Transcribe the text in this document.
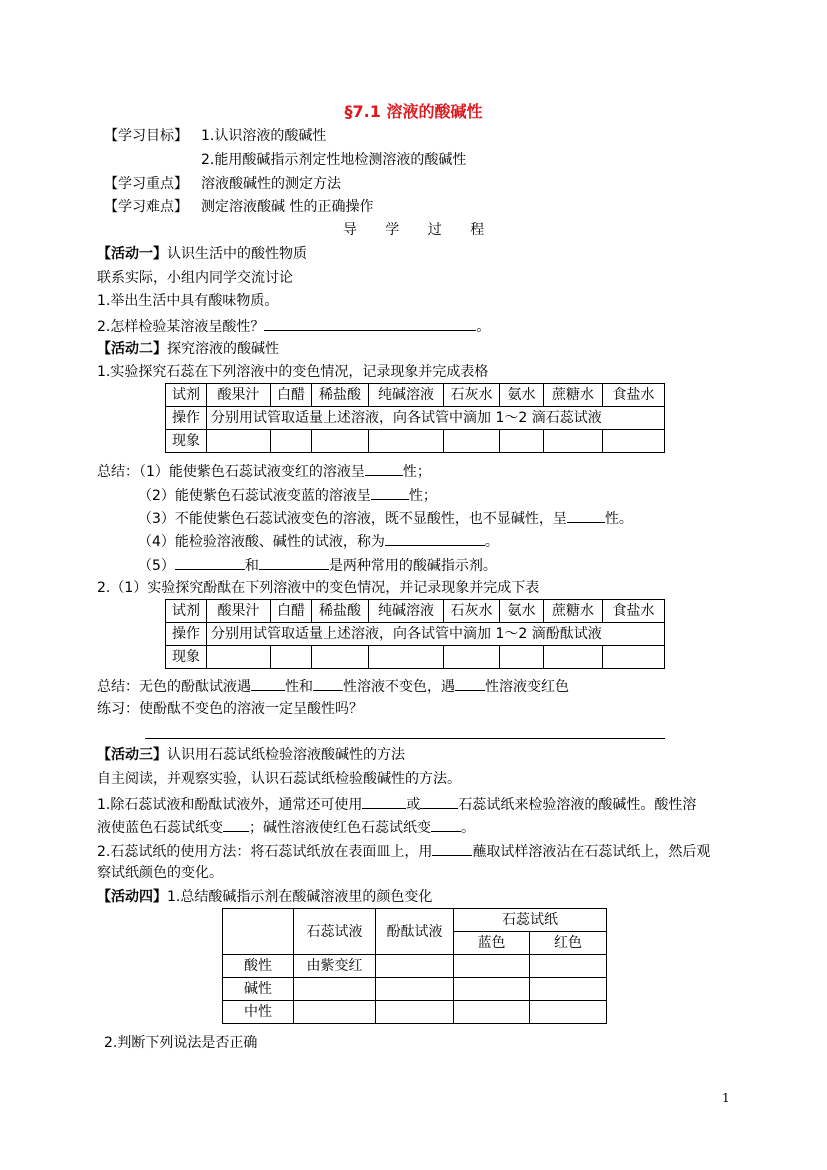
§7.1 溶液的酸碱性
【学习目标】 1.认识溶液的酸碱性
2.能用酸碱指示剂定性地检测溶液的酸碱性
【学习重点】 溶液酸碱性的测定方法
【学习难点】 测定溶液酸碱 性的正确操作
导 学 过 程
【活动一】认识生活中的酸性物质
联系实际，小组内同学交流讨论
1.举出生活中具有酸味物质。
2.怎样检验某溶液呈酸性？	。
【活动二】探究溶液的酸碱性
1.实验探究石蕊在下列溶液中的变色情况，记录现象并完成表格
试剂	酸果汁	白醋	稀盐酸	纯碱溶液	石灰水	氨水	蔗糖水	食盐水
操作	分别用试管取适量上述溶液，向各试管中滴加 1～2 滴石蕊试液							
现象								
总结：（1）能使紫色石蕊试液变红的溶液呈	性；
（2）能使紫色石蕊试液变蓝的溶液呈	性；
（3）不能使紫色石蕊试液变色的溶液，既不显酸性，也不显碱性，呈	性。
（4）能检验溶液酸、碱性的试液，称为	。
（5）	和	是两种常用的酸碱指示剂。
2.（1）实验探究酚酞在下列溶液中的变色情况，并记录现象并完成下表
试剂	酸果汁	白醋	稀盐酸	纯碱溶液	石灰水	氨水	蔗糖水	食盐水
操作	分别用试管取适量上述溶液，向各试管中滴加 1～2 滴酚酞试液							
现象								
总结：无色的酚酞试液遇 性和 性溶液不变色，遇 性溶液变红色
练习：使酚酞不变色的溶液一定呈酸性吗？
【活动三】认识用石蕊试纸检验溶液酸碱性的方法
自主阅读，并观察实验，认识石蕊试纸检验酸碱性的方法。
1.除石蕊试液和酚酞试液外，通常还可使用	或	石蕊试纸来检验溶液的酸碱性。酸性溶
液使蓝色石蕊试纸变 ；碱性溶液使红色石蕊试纸变 。
2.石蕊试纸的使用方法：将石蕊试纸放在表面皿上，用	蘸取试样溶液沾在石蕊试纸上，然后观
察试纸颜色的变化。
【活动四】1.总结酸碱指示剂在酸碱溶液里的颜色变化
	石蕊试液	酚酞试液	石蕊试纸	
			蓝色	红色
酸性	由紫变红			
碱性				
中性				
2.判断下列说法是否正确
1
